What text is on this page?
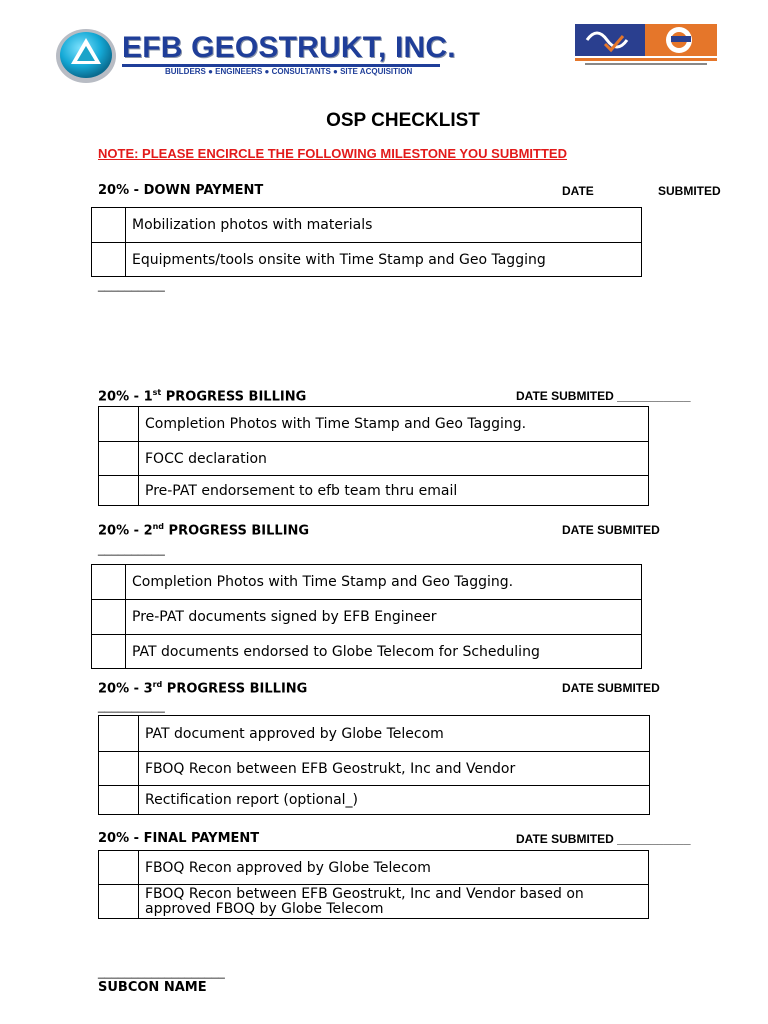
EFB GEOSTRUKT, INC.
BUILDERS ● ENGINEERS ● CONSULTANTS ● SITE ACQUISITION
OSP CHECKLIST
NOTE: PLEASE ENCIRCLE THE FOLLOWING MILESTONE YOU SUBMITTED
20% - DOWN PAYMENT	DATE	SUBMITED
	Mobilization photos with materials
	Equipments/tools onsite with Time Stamp and Geo Tagging
__________
20% - 1st PROGRESS BILLING	DATE SUBMITED ___________
	Completion Photos with Time Stamp and Geo Tagging.
	FOCC declaration
	Pre-PAT endorsement to efb team thru email
20% - 2nd PROGRESS BILLING	DATE SUBMITED
__________
	Completion Photos with Time Stamp and Geo Tagging.
	Pre-PAT documents signed by EFB Engineer
	PAT documents endorsed to Globe Telecom for Scheduling
20% - 3rd PROGRESS BILLING	DATE SUBMITED
__________
	PAT document approved by Globe Telecom
	FBOQ Recon between EFB Geostrukt, Inc and Vendor
	Rectification report (optional_)
20% - FINAL PAYMENT	DATE SUBMITED ___________
	FBOQ Recon approved by Globe Telecom

	FBOQ Recon between EFB Geostrukt, Inc and Vendor based on approved FBOQ by Globe Telecom
___________________
SUBCON NAME
